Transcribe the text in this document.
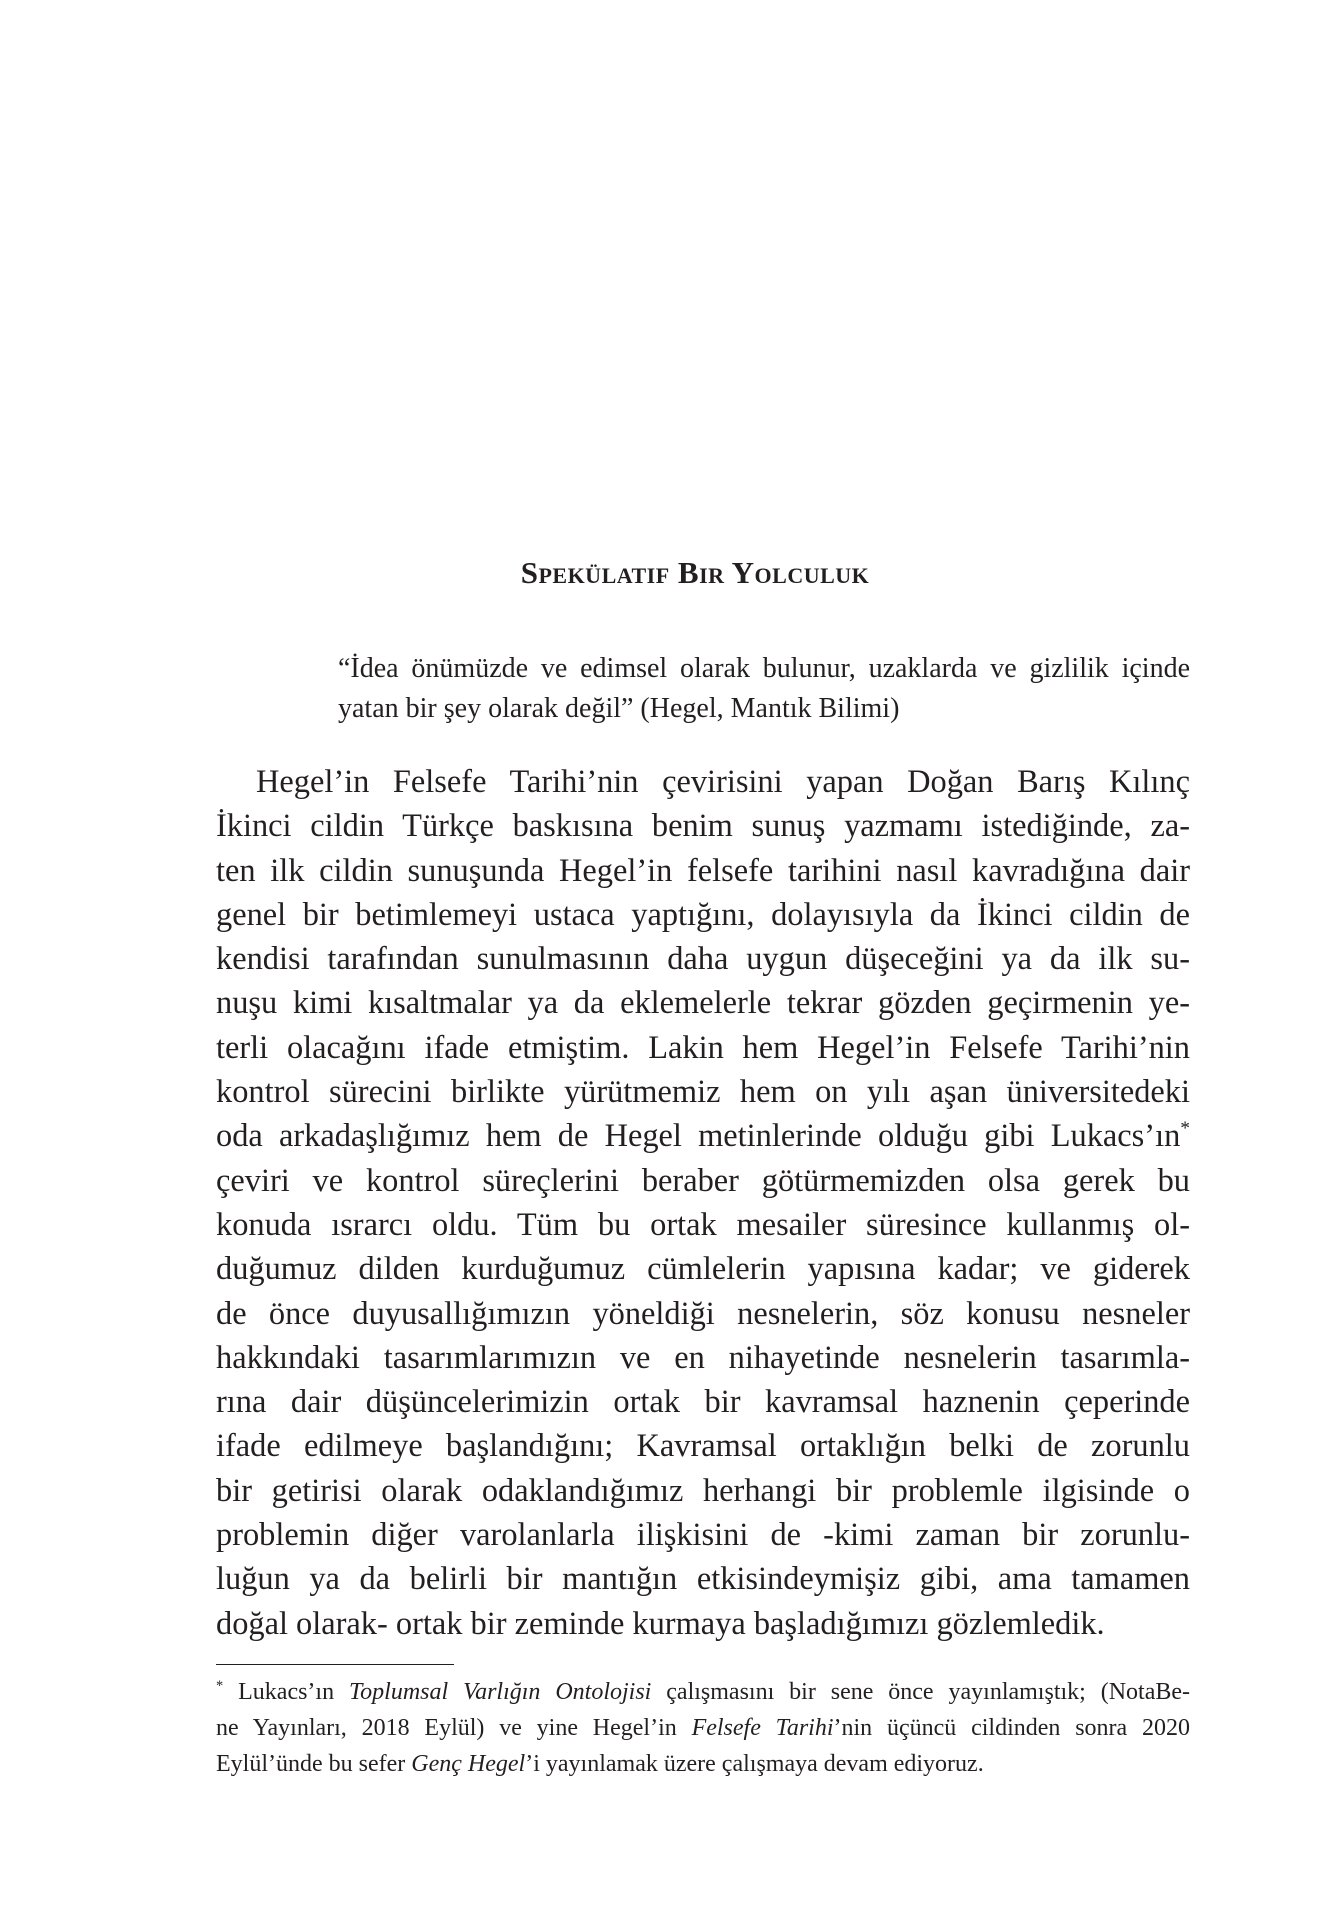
Spekülatif Bir Yolculuk

“İdea önümüzde ve edimsel olarak bulunur, uzaklarda ve gizlilik içinde yatan bir şey olarak değil” (Hegel, Mantık Bilimi)

Hegel’in Felsefe Tarihi’nin çevirisini yapan Doğan Barış Kılınç
İkinci cildin Türkçe baskısına benim sunuş yazmamı istediğinde, za-
ten ilk cildin sunuşunda Hegel’in felsefe tarihini nasıl kavradığına dair
genel bir betimlemeyi ustaca yaptığını, dolayısıyla da İkinci cildin de
kendisi tarafından sunulmasının daha uygun düşeceğini ya da ilk su-
nuşu kimi kısaltmalar ya da eklemelerle tekrar gözden geçirmenin ye-
terli olacağını ifade etmiştim. Lakin hem Hegel’in Felsefe Tarihi’nin
kontrol sürecini birlikte yürütmemiz hem on yılı aşan üniversitedeki
oda arkadaşlığımız hem de Hegel metinlerinde olduğu gibi Lukacs’ın*
çeviri ve kontrol süreçlerini beraber götürmemizden olsa gerek bu
konuda ısrarcı oldu. Tüm bu ortak mesailer süresince kullanmış ol-
duğumuz dilden kurduğumuz cümlelerin yapısına kadar; ve giderek
de önce duyusallığımızın yöneldiği nesnelerin, söz konusu nesneler
hakkındaki tasarımlarımızın ve en nihayetinde nesnelerin tasarımla-
rına dair düşüncelerimizin ortak bir kavramsal haznenin çeperinde
ifade edilmeye başlandığını; Kavramsal ortaklığın belki de zorunlu
bir getirisi olarak odaklandığımız herhangi bir problemle ilgisinde o
problemin diğer varolanlarla ilişkisini de -kimi zaman bir zorunlu-
luğun ya da belirli bir mantığın etkisindeymişiz gibi, ama tamamen
doğal olarak- ortak bir zeminde kurmaya başladığımızı gözlemledik.
* Lukacs’ın Toplumsal Varlığın Ontolojisi çalışmasını bir sene önce yayınlamıştık; (NotaBe-
ne Yayınları, 2018 Eylül) ve yine Hegel’in Felsefe Tarihi’nin üçüncü cildinden sonra 2020
Eylül’ünde bu sefer Genç Hegel’i yayınlamak üzere çalışmaya devam ediyoruz.
